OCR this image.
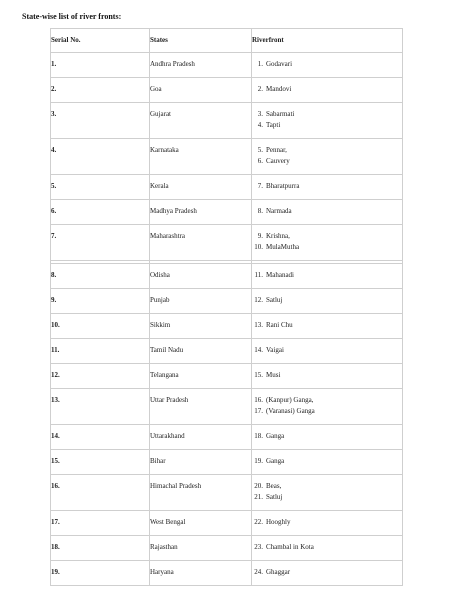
State-wise list of river fronts:
Serial No.	States	Riverfront
1.	Andhra Pradesh	1. Godavari

2.	Goa	2. Mandovi

3.	Gujarat	3. Sabarmati
4. Tapti

4.	Karnataka	5. Pennar,
6. Cauvery

5.	Kerala	7. Bharatpurra

6.	Madhya Pradesh	8. Narmada

7.	Maharashtra	9. Krishna,
10. MulaMutha

8.	Odisha	11. Mahanadi

9.	Punjab	12. Satluj

10.	Sikkim	13. Rani Chu

11.	Tamil Nadu	14. Vaigai

12.	Telangana	15. Musi

13.	Uttar Pradesh	16. (Kanpur) Ganga,
17. (Varanasi) Ganga

14.	Uttarakhand	18. Ganga

15.	Bihar	19. Ganga

16.	Himachal Pradesh	20. Beas,
21. Satluj

17.	West Bengal	22. Hooghly

18.	Rajasthan	23. Chambal in Kota

19.	Haryana	24. Ghaggar
